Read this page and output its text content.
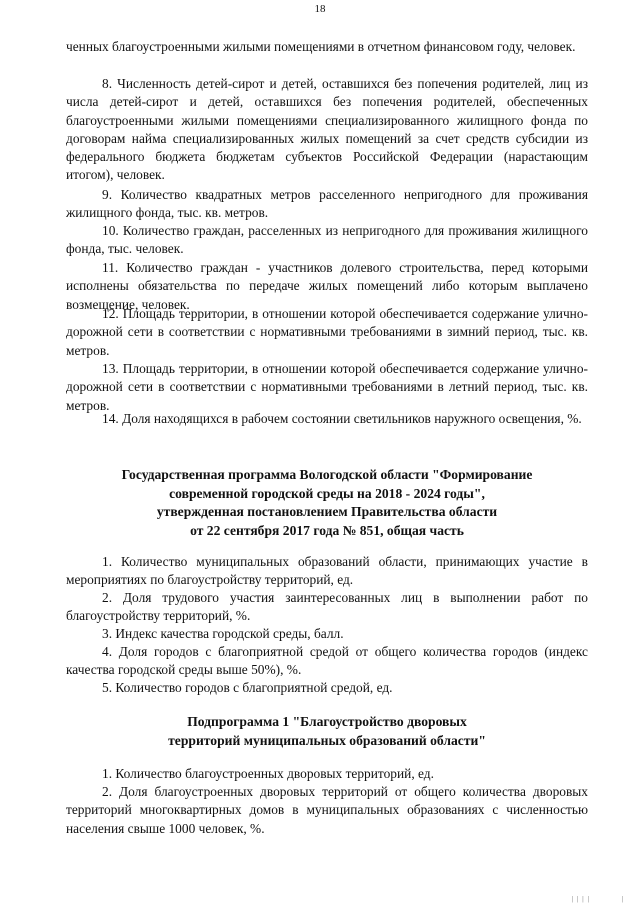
18

ченных благоустроенными жилыми помещениями в отчетном финансовом году, человек.

8. Численность детей-сирот и детей, оставшихся без попечения родителей, лиц из числа детей-сирот и детей, оставшихся без попечения родителей, обеспеченных благоустроенными жилыми помещениями специализированного жилищного фонда по договорам найма специализированных жилых помещений за счет средств субсидии из федерального бюджета бюджетам субъектов Российской Федерации (нарастающим итогом), человек.

9. Количество квадратных метров расселенного непригодного для проживания жилищного фонда, тыс. кв. метров.

10. Количество граждан, расселенных из непригодного для проживания жилищного фонда, тыс. человек.

11. Количество граждан - участников долевого строительства, перед которыми исполнены обязательства по передаче жилых помещений либо которым выплачено возмещение, человек.

12. Площадь территории, в отношении которой обеспечивается содержание улично-дорожной сети в соответствии с нормативными требованиями в зимний период, тыс. кв. метров.

13. Площадь территории, в отношении которой обеспечивается содержание улично-дорожной сети в соответствии с нормативными требованиями в летний период, тыс. кв. метров.

14. Доля находящихся в рабочем состоянии светильников наружного освещения, %.

Государственная программа Вологодской области "Формирование
современной городской среды на 2018 - 2024 годы",
утвержденная постановлением Правительства области
от 22 сентября 2017 года № 851, общая часть

1. Количество муниципальных образований области, принимающих участие в мероприятиях по благоустройству территорий, ед.

2. Доля трудового участия заинтересованных лиц в выполнении работ по благоустройству территорий, %.

3. Индекс качества городской среды, балл.

4. Доля городов с благоприятной средой от общего количества городов (индекс качества городской среды выше 50%), %.

5. Количество городов с благоприятной средой, ед.

Подпрограмма 1 "Благоустройство дворовых
территорий муниципальных образований области"

1. Количество благоустроенных дворовых территорий, ед.

2. Доля благоустроенных дворовых территорий от общего количества дворовых территорий многоквартирных домов в муниципальных образованиях с численностью населения свыше 1000 человек, %.

| | | |	|
